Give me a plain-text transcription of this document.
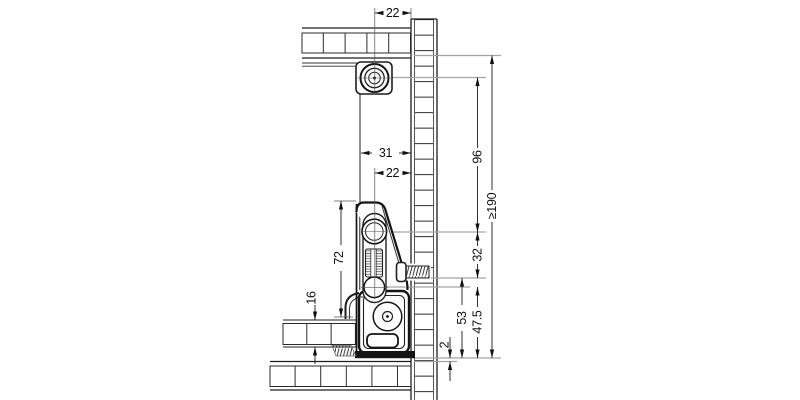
22
31
22
96
32
47.5
53
≥190
2
72
16
